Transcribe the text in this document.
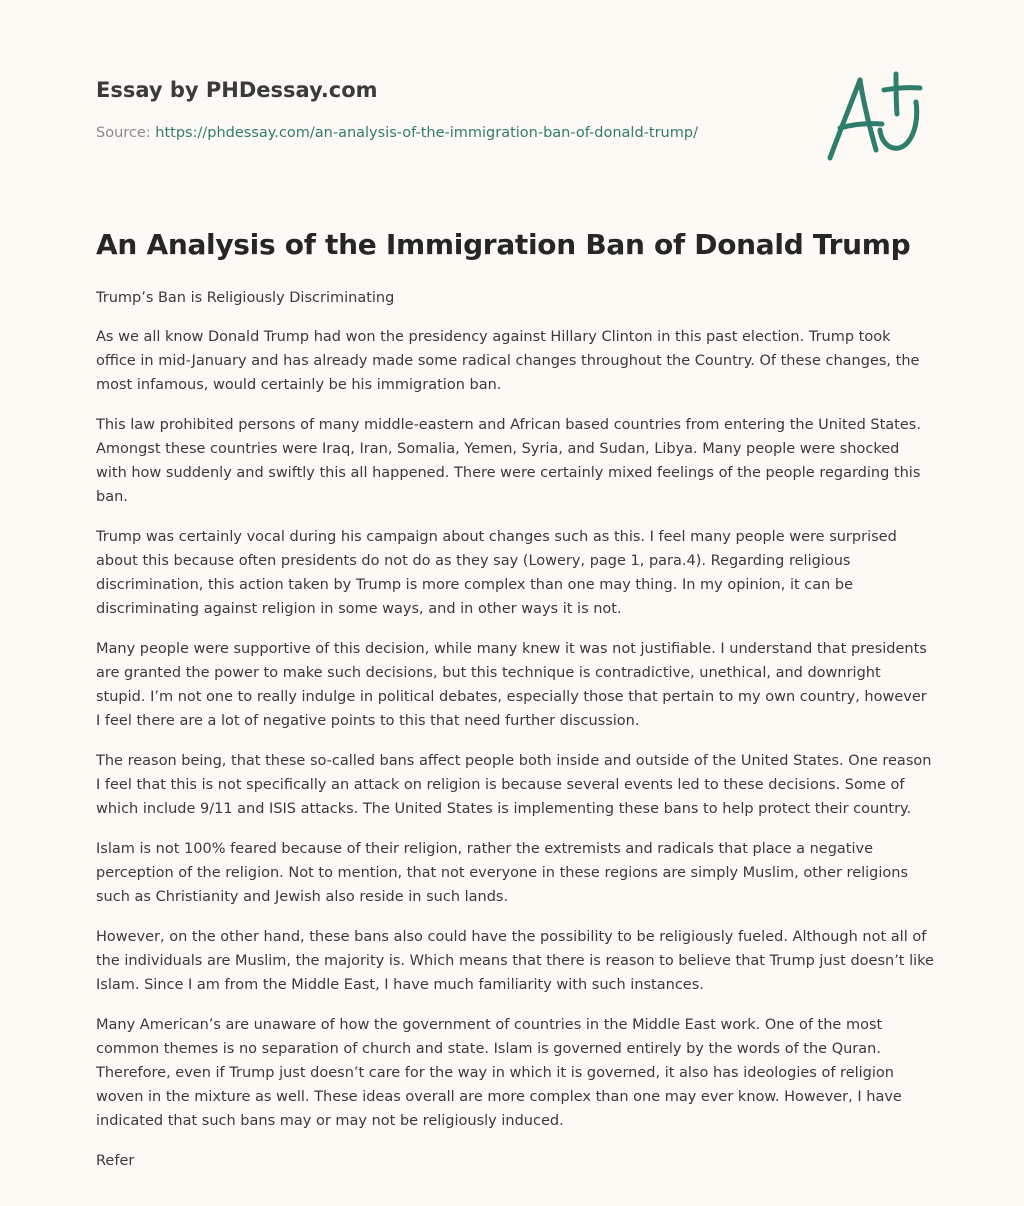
Essay by PHDessay.com

Source: https://phdessay.com/an-analysis-of-the-immigration-ban-of-donald-trump/
An Analysis of the Immigration Ban of Donald Trump

Trump’s Ban is Religiously Discriminating

As we all know Donald Trump had won the presidency against Hillary Clinton in this past election. Trump took office in mid-January and has already made some radical changes throughout the Country. Of these changes, the most infamous, would certainly be his immigration ban.

This law prohibited persons of many middle-eastern and African based countries from entering the United States. Amongst these countries were Iraq, Iran, Somalia, Yemen, Syria, and Sudan, Libya. Many people were shocked with how suddenly and swiftly this all happened. There were certainly mixed feelings of the people regarding this ban.

Trump was certainly vocal during his campaign about changes such as this. I feel many people were surprised about this because often presidents do not do as they say (Lowery, page 1, para.4). Regarding religious discrimination, this action taken by Trump is more complex than one may thing. In my opinion, it can be discriminating against religion in some ways, and in other ways it is not.

Many people were supportive of this decision, while many knew it was not justifiable. I understand that presidents are granted the power to make such decisions, but this technique is contradictive, unethical, and downright stupid. I’m not one to really indulge in political debates, especially those that pertain to my own country, however I feel there are a lot of negative points to this that need further discussion.

The reason being, that these so-called bans affect people both inside and outside of the United States. One reason I feel that this is not specifically an attack on religion is because several events led to these decisions. Some of which include 9/11 and ISIS attacks. The United States is implementing these bans to help protect their country.

Islam is not 100% feared because of their religion, rather the extremists and radicals that place a negative perception of the religion. Not to mention, that not everyone in these regions are simply Muslim, other religions such as Christianity and Jewish also reside in such lands.

However, on the other hand, these bans also could have the possibility to be religiously fueled. Although not all of the individuals are Muslim, the majority is. Which means that there is reason to believe that Trump just doesn’t like Islam. Since I am from the Middle East, I have much familiarity with such instances.

Many American’s are unaware of how the government of countries in the Middle East work. One of the most common themes is no separation of church and state. Islam is governed entirely by the words of the Quran. Therefore, even if Trump just doesn’t care for the way in which it is governed, it also has ideologies of religion woven in the mixture as well. These ideas overall are more complex than one may ever know. However, I have indicated that such bans may or may not be religiously induced.

Refer
